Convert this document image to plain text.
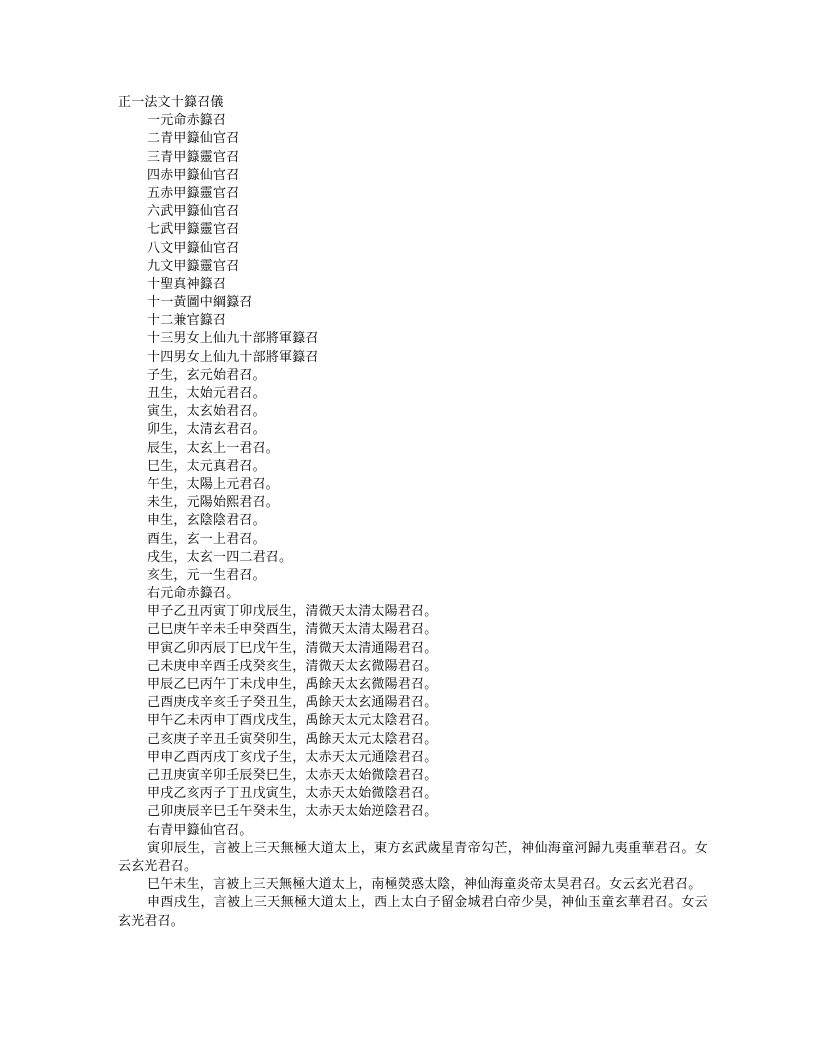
正一法文十籙召儀
一元命赤籙召
二青甲籙仙官召
三青甲籙靈官召
四赤甲籙仙官召
五赤甲籙靈官召
六武甲籙仙官召
七武甲籙靈官召
八文甲籙仙官召
九文甲籙靈官召
十聖真神籙召
十一黃圖中綱籙召
十二兼官籙召
十三男女上仙九十部將軍籙召
十四男女上仙九十部將軍籙召
子生，玄元始君召。
丑生，太始元君召。
寅生，太玄始君召。
卯生，太清玄君召。
辰生，太玄上一君召。
巳生，太元真君召。
午生，太陽上元君召。
未生，元陽始熙君召。
申生，玄陰陰君召。
酉生，玄一上君召。
戌生，太玄一四二君召。
亥生，元一生君召。
右元命赤籙召。
甲子乙丑丙寅丁卯戊辰生，清微天太清太陽君召。
己巳庚午辛未壬申癸酉生，清微天太清太陽君召。
甲寅乙卯丙辰丁巳戊午生，清微天太清通陽君召。
己未庚申辛酉壬戌癸亥生，清微天太玄微陽君召。
甲辰乙巳丙午丁未戊申生，禹餘天太玄微陽君召。
己酉庚戌辛亥壬子癸丑生，禹餘天太玄通陽君召。
甲午乙未丙申丁酉戊戌生，禹餘天太元太陰君召。
己亥庚子辛丑壬寅癸卯生，禹餘天太元太陰君召。
甲申乙酉丙戌丁亥戊子生，太赤天太元通陰君召。
己丑庚寅辛卯壬辰癸巳生，太赤天太始微陰君召。
甲戌乙亥丙子丁丑戊寅生，太赤天太始微陰君召。
己卯庚辰辛巳壬午癸未生，太赤天太始逆陰君召。
右青甲籙仙官召。
寅卯辰生，言被上三天無極大道太上，東方玄武歲星青帝勾芒，神仙海童河歸九夷重華君召。女云玄光君召。
巳午未生，言被上三天無極大道太上，南極熒惑太陰，神仙海童炎帝太昊君召。女云玄光君召。
申酉戌生，言被上三天無極大道太上，西上太白子留金城君白帝少昊，神仙玉童玄華君召。女云玄光君召。
